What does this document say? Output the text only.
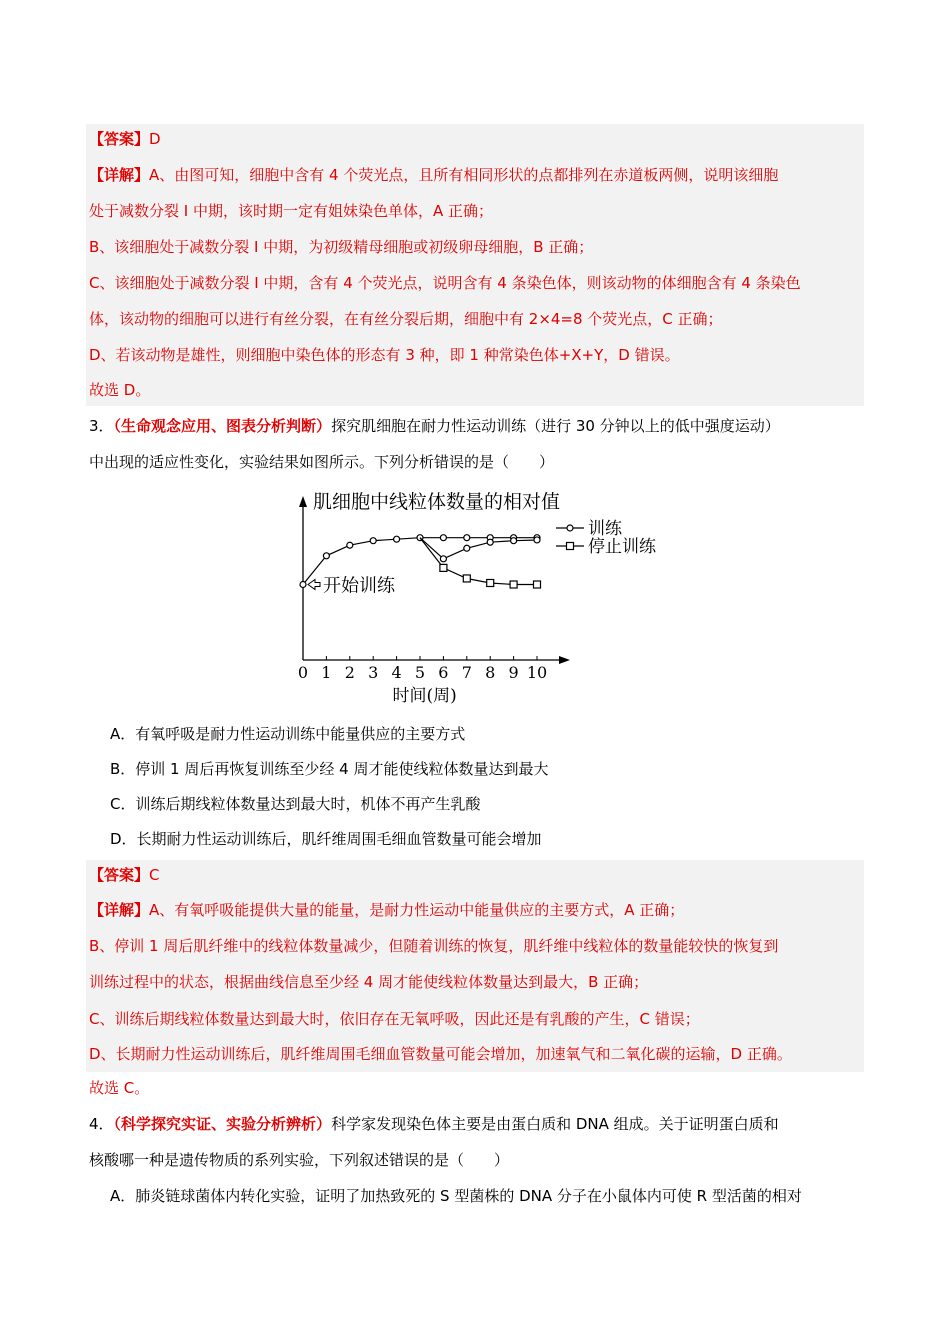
【答案】D
【详解】A、由图可知，细胞中含有 4 个荧光点，且所有相同形状的点都排列在赤道板两侧，说明该细胞
处于减数分裂 I 中期，该时期一定有姐妹染色单体，A 正确；
B、该细胞处于减数分裂 I 中期，为初级精母细胞或初级卵母细胞，B 正确；
C、该细胞处于减数分裂 I 中期，含有 4 个荧光点，说明含有 4 条染色体，则该动物的体细胞含有 4 条染色
体，该动物的细胞可以进行有丝分裂，在有丝分裂后期，细胞中有 2×4=8 个荧光点，C 正确；
D、若该动物是雄性，则细胞中染色体的形态有 3 种，即 1 种常染色体+X+Y，D 错误。
故选 D。
3．（生命观念应用、图表分析判断）探究肌细胞在耐力性运动训练（进行 30 分钟以上的低中强度运动）
中出现的适应性变化，实验结果如图所示。下列分析错误的是（　　）
0 1 2 3 4 5 6 7 8 9 10
肌细胞中线粒体数量的相对值
时间(周)
训练
停止训练
开始训练
A．有氧呼吸是耐力性运动训练中能量供应的主要方式
B．停训 1 周后再恢复训练至少经 4 周才能使线粒体数量达到最大
C．训练后期线粒体数量达到最大时，机体不再产生乳酸
D．长期耐力性运动训练后，肌纤维周围毛细血管数量可能会增加
【答案】C
【详解】A、有氧呼吸能提供大量的能量，是耐力性运动中能量供应的主要方式，A 正确；
B、停训 1 周后肌纤维中的线粒体数量减少，但随着训练的恢复，肌纤维中线粒体的数量能较快的恢复到
训练过程中的状态，根据曲线信息至少经 4 周才能使线粒体数量达到最大，B 正确；
C、训练后期线粒体数量达到最大时，依旧存在无氧呼吸，因此还是有乳酸的产生，C 错误；
D、长期耐力性运动训练后，肌纤维周围毛细血管数量可能会增加，加速氧气和二氧化碳的运输，D 正确。
故选 C。
4．（科学探究实证、实验分析辨析）科学家发现染色体主要是由蛋白质和 DNA 组成。关于证明蛋白质和
核酸哪一种是遗传物质的系列实验，下列叙述错误的是（　　）
A．肺炎链球菌体内转化实验，证明了加热致死的 S 型菌株的 DNA 分子在小鼠体内可使 R 型活菌的相对
